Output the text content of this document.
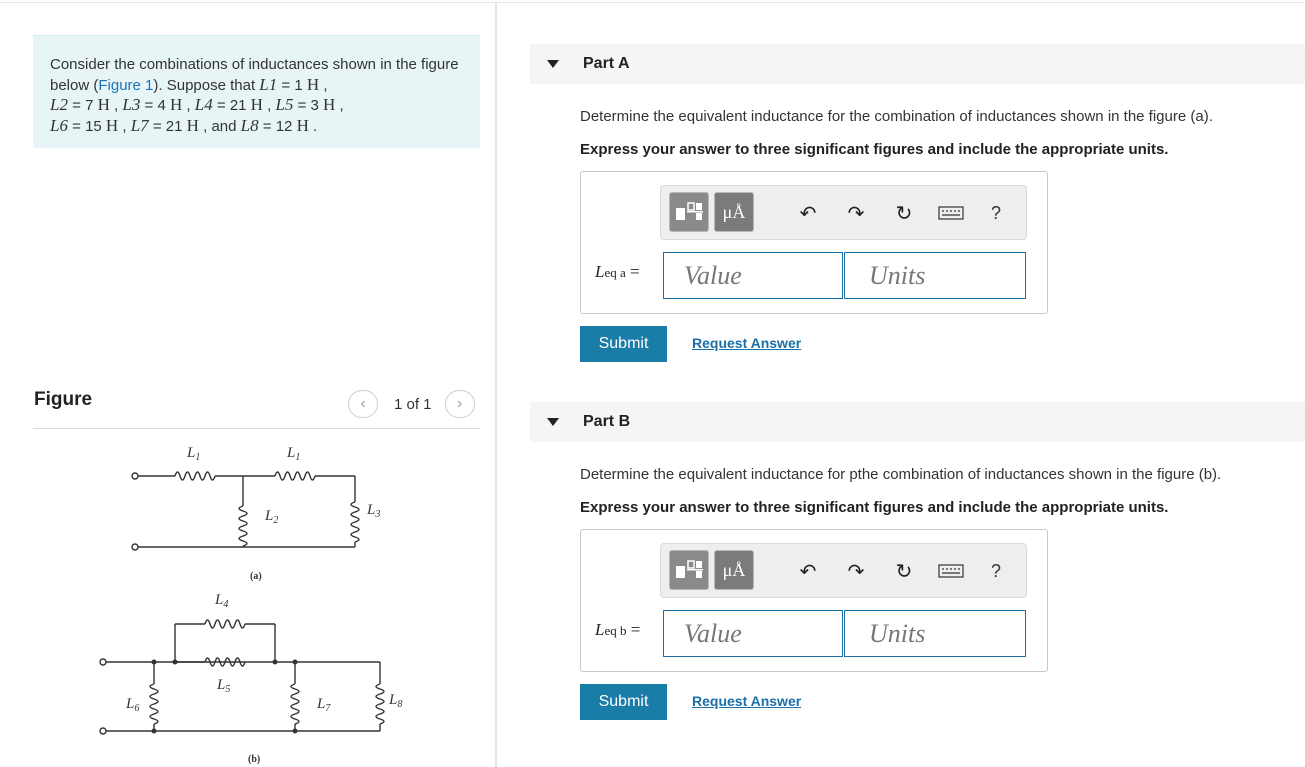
Consider the combinations of inductances shown in the figure below (Figure 1). Suppose that L1 = 1 H ,
L2 = 7 H , L3 = 4 H , L4 = 21 H , L5 = 3 H ,
L6 = 15 H , L7 = 21 H , and L8 = 12 H .
Figure	‹ 1 of 1 ›
$L_1$	$L_1$
$L_2$
$L_3$
(a)
$L_4$
$L_5$
$L_6$	$L_7$
$L_8$
(b)
Part A
Determine the equivalent inductance for the combination of inductances shown in the figure (a).
Express your answer to three significant figures and include the appropriate units.
μÅ	↶ ↷ ↻	?
Leq a =
Value
Units
Submit	Request Answer
Part B
Determine the equivalent inductance for pthe combination of inductances shown in the figure (b).
Express your answer to three significant figures and include the appropriate units.
μÅ	↶ ↷ ↻	?
Leq b =
Value
Units
Submit	Request Answer
